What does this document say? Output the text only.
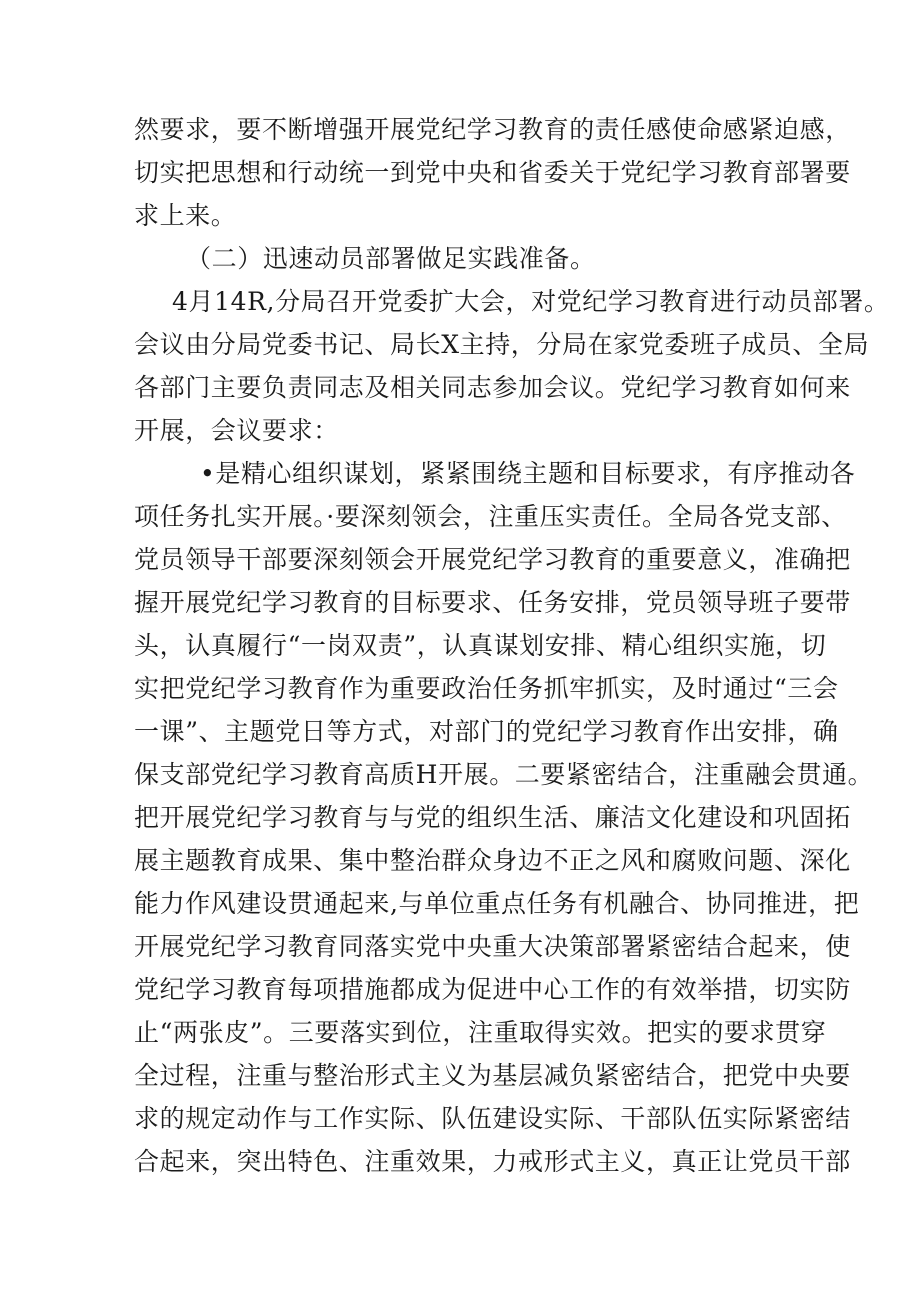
然要求，要不断增强开展党纪学习教育的责任感使命感紧迫感，
切实把思想和行动统一到党中央和省委关于党纪学习教育部署要
求上来。
（二）迅速动员部署做足实践准备。
4月14R,分局召开党委扩大会，对党纪学习教育进行动员部署。
会议由分局党委书记、局长X主持，分局在家党委班子成员、全局
各部门主要负责同志及相关同志参加会议。党纪学习教育如何来
开展，会议要求：
•是精心组织谋划，紧紧围绕主题和目标要求，有序推动各
项任务扎实开展。·要深刻领会，注重压实责任。全局各党支部、
党员领导干部要深刻领会开展党纪学习教育的重要意义，准确把
握开展党纪学习教育的目标要求、任务安排，党员领导班子要带
头，认真履行“一岗双责”，认真谋划安排、精心组织实施，切
实把党纪学习教育作为重要政治任务抓牢抓实，及时通过“三会
一课”、主题党日等方式，对部门的党纪学习教育作出安排，确
保支部党纪学习教育高质H开展。二要紧密结合，注重融会贯通。
把开展党纪学习教育与与党的组织生活、廉洁文化建设和巩固拓
展主题教育成果、集中整治群众身边不正之风和腐败问题、深化
能力作风建设贯通起来,与单位重点任务有机融合、协同推进，把
开展党纪学习教育同落实党中央重大决策部署紧密结合起来，使
党纪学习教育每项措施都成为促进中心工作的有效举措，切实防
止“两张皮”。三要落实到位，注重取得实效。把实的要求贯穿
全过程，注重与整治形式主义为基层减负紧密结合，把党中央要
求的规定动作与工作实际、队伍建设实际、干部队伍实际紧密结
合起来，突出特色、注重效果，力戒形式主义，真正让党员干部
